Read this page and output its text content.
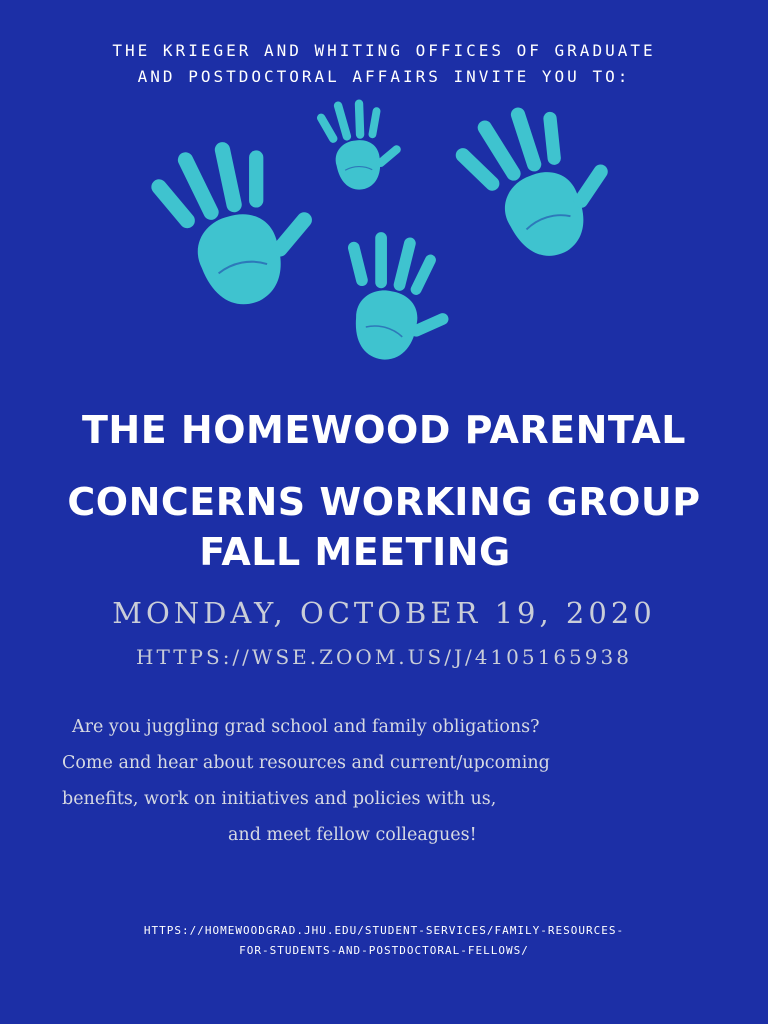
THE KRIEGER AND WHITING OFFICES OF GRADUATE
AND POSTDOCTORAL AFFAIRS INVITE YOU TO:
THE HOMEWOOD PARENTAL
CONCERNS WORKING GROUP
FALL MEETING
MONDAY, OCTOBER 19, 2020
HTTPS://WSE.ZOOM.US/J/4105165938
Are you juggling grad school and family obligations?
Come and hear about resources and current/upcoming
benefits, work on initiatives and policies with us,
and meet fellow colleagues!
HTTPS://HOMEWOODGRAD.JHU.EDU/STUDENT-SERVICES/FAMILY-RESOURCES-
FOR-STUDENTS-AND-POSTDOCTORAL-FELLOWS/
